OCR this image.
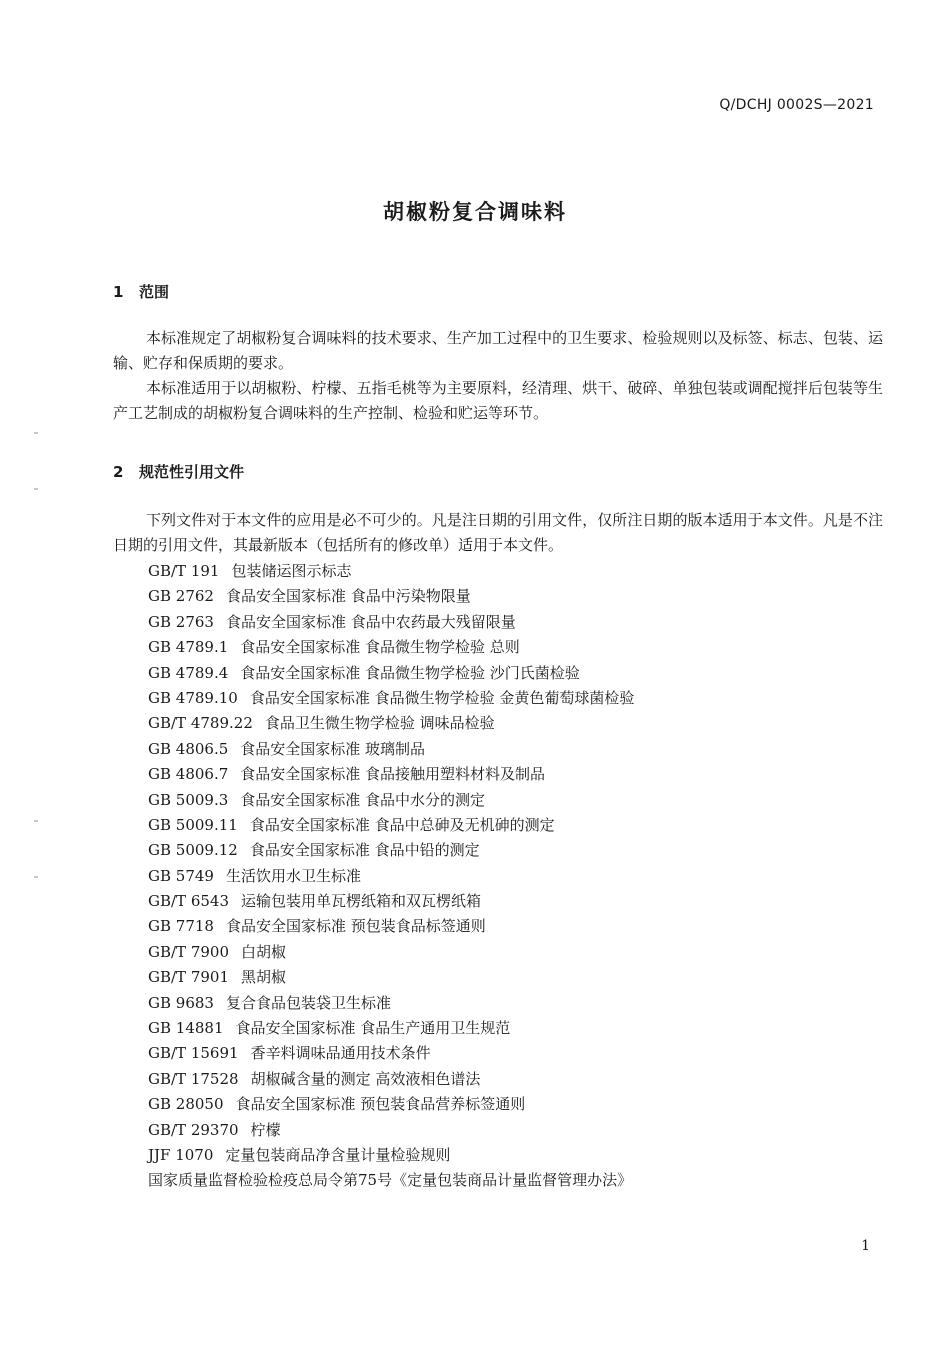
Q/DCHJ 0002S—2021
胡椒粉复合调味料
1 范围
本标准规定了胡椒粉复合调味料的技术要求、生产加工过程中的卫生要求、检验规则以及标签、标志、包装、运输、贮存和保质期的要求。
本标准适用于以胡椒粉、柠檬、五指毛桃等为主要原料，经清理、烘干、破碎、单独包装或调配搅拌后包装等生产工艺制成的胡椒粉复合调味料的生产控制、检验和贮运等环节。
2 规范性引用文件
下列文件对于本文件的应用是必不可少的。凡是注日期的引用文件，仅所注日期的版本适用于本文件。凡是不注日期的引用文件，其最新版本（包括所有的修改单）适用于本文件。
GB/T 191 包装储运图示标志
GB 2762 食品安全国家标准 食品中污染物限量
GB 2763 食品安全国家标准 食品中农药最大残留限量
GB 4789.1 食品安全国家标准 食品微生物学检验 总则
GB 4789.4 食品安全国家标准 食品微生物学检验 沙门氏菌检验
GB 4789.10 食品安全国家标准 食品微生物学检验 金黄色葡萄球菌检验
GB/T 4789.22 食品卫生微生物学检验 调味品检验
GB 4806.5 食品安全国家标准 玻璃制品
GB 4806.7 食品安全国家标准 食品接触用塑料材料及制品
GB 5009.3 食品安全国家标准 食品中水分的测定
GB 5009.11 食品安全国家标准 食品中总砷及无机砷的测定
GB 5009.12 食品安全国家标准 食品中铅的测定
GB 5749 生活饮用水卫生标准
GB/T 6543 运输包装用单瓦楞纸箱和双瓦楞纸箱
GB 7718 食品安全国家标准 预包装食品标签通则
GB/T 7900 白胡椒
GB/T 7901 黑胡椒
GB 9683 复合食品包装袋卫生标准
GB 14881 食品安全国家标准 食品生产通用卫生规范
GB/T 15691 香辛料调味品通用技术条件
GB/T 17528 胡椒碱含量的测定 高效液相色谱法
GB 28050 食品安全国家标准 预包装食品营养标签通则
GB/T 29370 柠檬
JJF 1070 定量包装商品净含量计量检验规则
国家质量监督检验检疫总局令第75号《定量包装商品计量监督管理办法》
1
